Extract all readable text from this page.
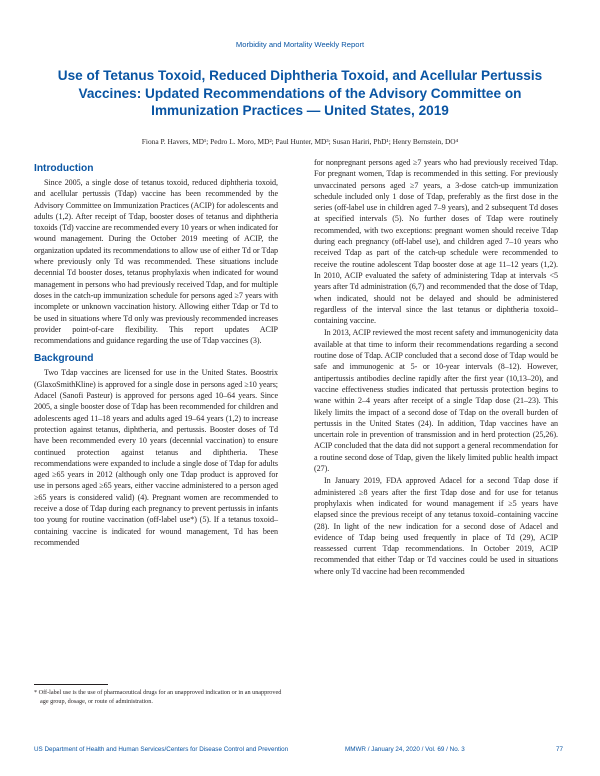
Morbidity and Mortality Weekly Report
Use of Tetanus Toxoid, Reduced Diphtheria Toxoid, and Acellular Pertussis Vaccines: Updated Recommendations of the Advisory Committee on Immunization Practices — United States, 2019
Fiona P. Havers, MD¹; Pedro L. Moro, MD²; Paul Hunter, MD³; Susan Hariri, PhD¹; Henry Bernstein, DO⁴
Introduction

Since 2005, a single dose of tetanus toxoid, reduced diphtheria toxoid, and acellular pertussis (Tdap) vaccine has been recommended by the Advisory Committee on Immunization Practices (ACIP) for adolescents and adults (1,2). After receipt of Tdap, booster doses of tetanus and diphtheria toxoids (Td) vaccine are recommended every 10 years or when indicated for wound management. During the October 2019 meeting of ACIP, the organization updated its recommendations to allow use of either Td or Tdap where previously only Td was recommended. These situations include decennial Td booster doses, tetanus prophylaxis when indicated for wound management in persons who had previously received Tdap, and for multiple doses in the catch-up immunization schedule for persons aged ≥7 years with incomplete or unknown vaccination history. Allowing either Tdap or Td to be used in situations where Td only was previously recommended increases provider point-of-care flexibility. This report updates ACIP recommendations and guidance regarding the use of Tdap vaccines (3).

Background

Two Tdap vaccines are licensed for use in the United States. Boostrix (GlaxoSmithKline) is approved for a single dose in persons aged ≥10 years; Adacel (Sanofi Pasteur) is approved for persons aged 10–64 years. Since 2005, a single booster dose of Tdap has been recommended for children and adolescents aged 11–18 years and adults aged 19–64 years (1,2) to increase protection against tetanus, diphtheria, and pertussis. Booster doses of Td have been recommended every 10 years (decennial vaccination) to ensure continued protection against tetanus and diphtheria. These recommendations were expanded to include a single dose of Tdap for adults aged ≥65 years in 2012 (although only one Tdap product is approved for use in persons aged ≥65 years, either vaccine administered to a person aged ≥65 years is considered valid) (4). Pregnant women are recommended to receive a dose of Tdap during each pregnancy to prevent pertussis in infants too young for routine vaccination (off-label use*) (5). If a tetanus toxoid–containing vaccine is indicated for wound management, Td has been recommended

for nonpregnant persons aged ≥7 years who had previously received Tdap. For pregnant women, Tdap is recommended in this setting. For previously unvaccinated persons aged ≥7 years, a 3-dose catch-up immunization schedule included only 1 dose of Tdap, preferably as the first dose in the series (off-label use in children aged 7–9 years), and 2 subsequent Td doses at specified intervals (5). No further doses of Tdap were routinely recommended, with two exceptions: pregnant women should receive Tdap during each pregnancy (off-label use), and children aged 7–10 years who received Tdap as part of the catch-up schedule were recommended to receive the routine adolescent Tdap booster dose at age 11–12 years (1,2). In 2010, ACIP evaluated the safety of administering Tdap at intervals <5 years after Td administration (6,7) and recommended that the dose of Tdap, when indicated, should not be delayed and should be administered regardless of the interval since the last tetanus or diphtheria toxoid–containing vaccine.

In 2013, ACIP reviewed the most recent safety and immunogenicity data available at that time to inform their recommendations regarding a second routine dose of Tdap. ACIP concluded that a second dose of Tdap would be safe and immunogenic at 5- or 10-year intervals (8–12). However, antipertussis antibodies decline rapidly after the first year (10,13–20), and vaccine effectiveness studies indicated that pertussis protection begins to wane within 2–4 years after receipt of a single Tdap dose (21–23). This likely limits the impact of a second dose of Tdap on the overall burden of pertussis in the United States (24). In addition, Tdap vaccines have an uncertain role in prevention of transmission and in herd protection (25,26). ACIP concluded that the data did not support a general recommendation for a routine second dose of Tdap, given the likely limited public health impact (27).

In January 2019, FDA approved Adacel for a second Tdap dose if administered ≥8 years after the first Tdap dose and for use for tetanus prophylaxis when indicated for wound management if ≥5 years have elapsed since the previous receipt of any tetanus toxoid–containing vaccine (28). In light of the new indication for a second dose of Adacel and evidence of Tdap being used frequently in place of Td (29), ACIP reassessed current Tdap recommendations. In October 2019, ACIP recommended that either Tdap or Td vaccines could be used in situations where only Td vaccine had been recommended

* Off-label use is the use of pharmaceutical drugs for an unapproved indication or in an unapproved age group, dosage, or route of administration.
US Department of Health and Human Services/Centers for Disease Control and Prevention	MMWR / January 24, 2020 / Vol. 69 / No. 3	77
